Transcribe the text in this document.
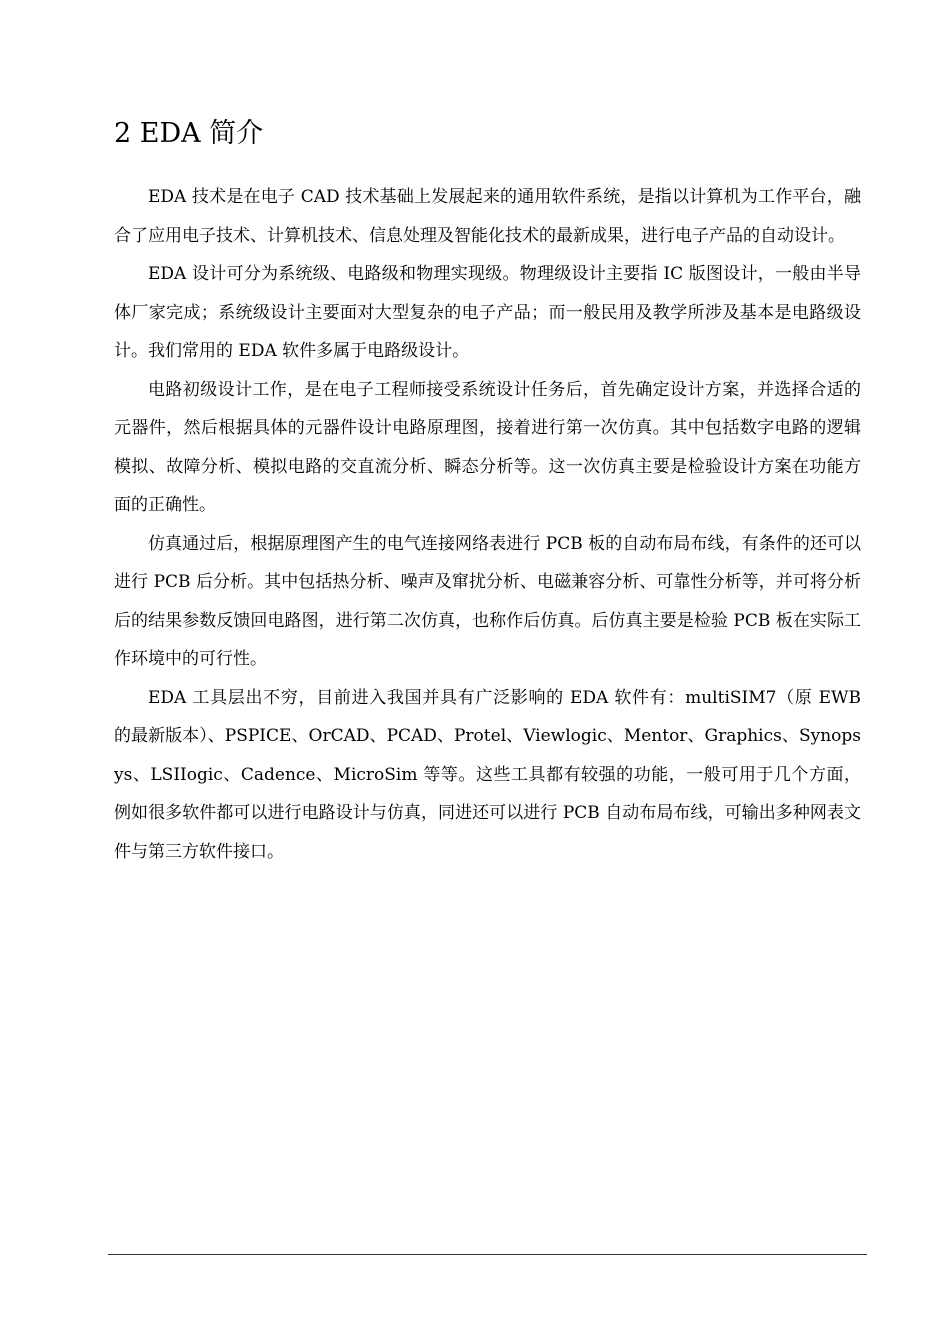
2 EDA 简介

EDA 技术是在电子 CAD 技术基础上发展起来的通用软件系统，是指以计算机为工作平台，融合了应用电子技术、计算机技术、信息处理及智能化技术的最新成果，进行电子产品的自动设计。

EDA 设计可分为系统级、电路级和物理实现级。物理级设计主要指 IC 版图设计，一般由半导体厂家完成；系统级设计主要面对大型复杂的电子产品；而一般民用及教学所涉及基本是电路级设计。我们常用的 EDA 软件多属于电路级设计。

电路初级设计工作，是在电子工程师接受系统设计任务后，首先确定设计方案，并选择合适的元器件，然后根据具体的元器件设计电路原理图，接着进行第一次仿真。其中包括数字电路的逻辑模拟、故障分析、模拟电路的交直流分析、瞬态分析等。这一次仿真主要是检验设计方案在功能方面的正确性。

仿真通过后，根据原理图产生的电气连接网络表进行 PCB 板的自动布局布线，有条件的还可以进行 PCB 后分析。其中包括热分析、噪声及窜扰分析、电磁兼容分析、可靠性分析等，并可将分析后的结果参数反馈回电路图，进行第二次仿真，也称作后仿真。后仿真主要是检验 PCB 板在实际工作环境中的可行性。

EDA 工具层出不穷，目前进入我国并具有广泛影响的 EDA 软件有：multiSIM7（原 EWB 的最新版本）、PSPICE、OrCAD、PCAD、Protel、Viewlogic、Mentor、Graphics、Synopsys、LSIIogic、Cadence、MicroSim 等等。这些工具都有较强的功能，一般可用于几个方面，例如很多软件都可以进行电路设计与仿真，同进还可以进行 PCB 自动布局布线，可输出多种网表文件与第三方软件接口。
